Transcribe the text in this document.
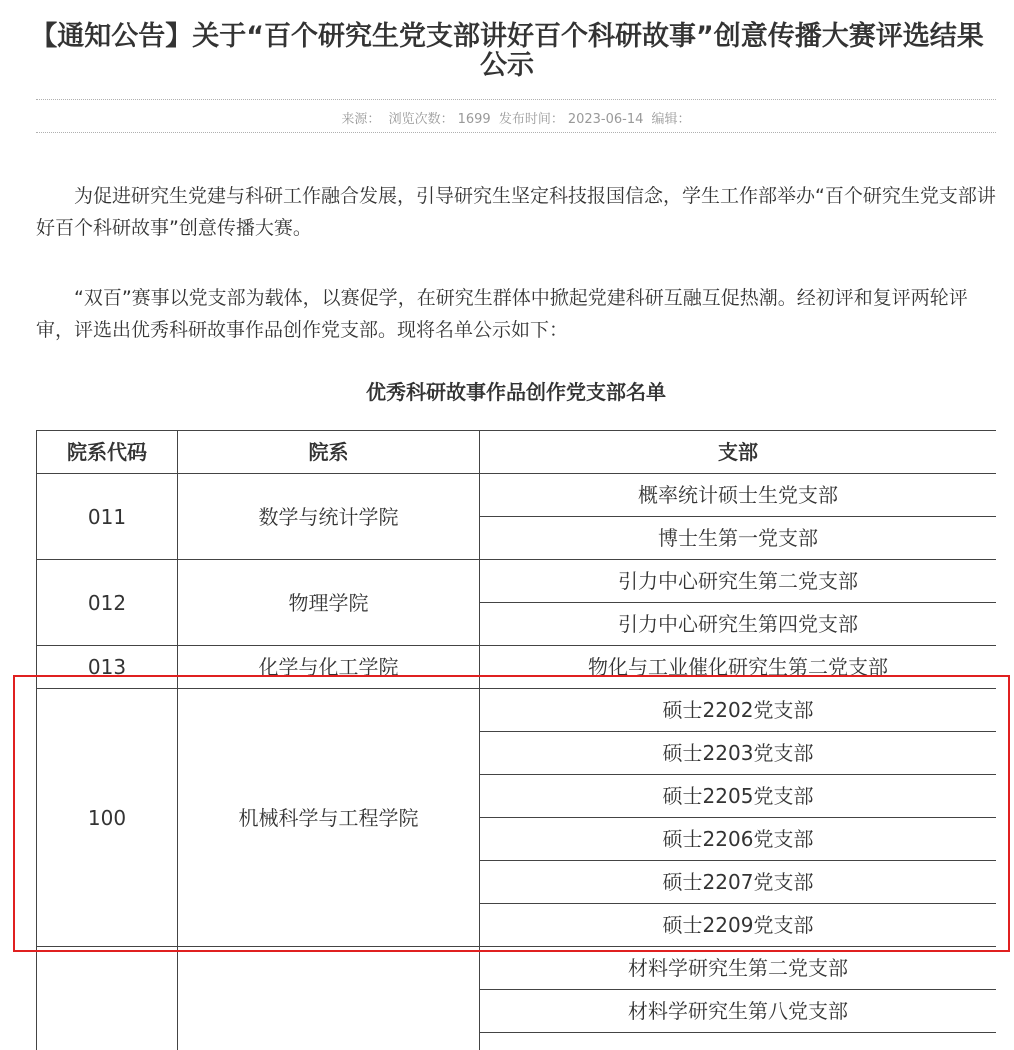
【通知公告】关于“百个研究生党支部讲好百个科研故事”创意传播大赛评选结果公示
来源： 浏览次数： 1699 发布时间： 2023-06-14 编辑：

为促进研究生党建与科研工作融合发展，引导研究生坚定科技报国信念，学生工作部举办“百个研究生党支部讲好百个科研故事”创意传播大赛。

“双百”赛事以党支部为载体，以赛促学，在研究生群体中掀起党建科研互融互促热潮。经初评和复评两轮评审，评选出优秀科研故事作品创作党支部。现将名单公示如下：

优秀科研故事作品创作党支部名单
院系代码	院系	支部
011	数学与统计学院	概率统计硕士生党支部
		博士生第一党支部
012	物理学院	引力中心研究生第二党支部
		引力中心研究生第四党支部
013	化学与化工学院	物化与工业催化研究生第二党支部
100	机械科学与工程学院	硕士2202党支部
		硕士2203党支部
		硕士2205党支部
		硕士2206党支部
		硕士2207党支部
		硕士2209党支部
		材料学研究生第二党支部
		材料学研究生第八党支部
